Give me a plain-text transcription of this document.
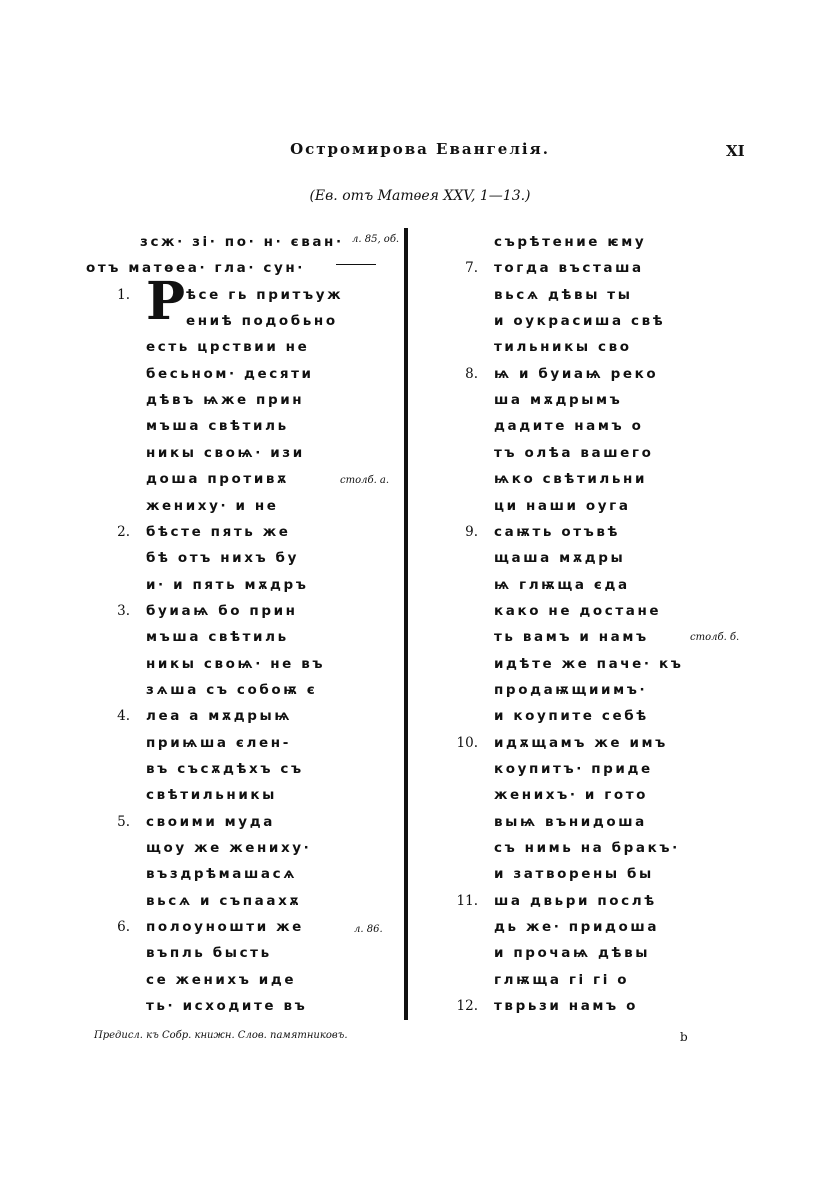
Остромирова Евангелія.	XI
(Ев. отъ Матѳея XXV, 1—13.)
зсж· зі· по· н· єван·
отъ матѳеа· гла· сун·
ѣсе гь притъуж
ениѣ подобьно
есть црствии не
бесьном· десяти
дѣвъ ѩже прин
мъша свѣтиль
никы своѩ· изи
доша противѫ
жениху· и не
бѣсте пять же
бѣ отъ нихъ бу
и· и пять мѫдръ
буиаѩ бо прин
мъша свѣтиль
никы своѩ· не въ
зѧша съ собоѭ є
леа а мѫдрыѩ
приѩша єлен-
въ съсѫдѣхъ съ
свѣтильникы
своими муда
щоу же жениху·
въздрѣмашасѧ
вьсѧ и съпаахѫ
полоуношти же
въпль бысть
се женихъ иде
ть· исходите въ
Р
1.
2.
3.
4.
5.
6.
сърѣтение ѥму
тогда въсташа
вьсѧ дѣвы ты
и оукрасиша свѣ
тильникы сво
ѩ и буиаѩ реко
ша мѫдрымъ
дадите намъ о
тъ олѣа вашего
ѩко свѣтильни
ци наши оуга
саѭть отъвѣ
щаша мѫдры
ѩ глѭща єда
како не достане
ть вамъ и намъ
идѣте же паче· къ
продаѭщиимъ·
и коупите себѣ
идѫщамъ же имъ
коупитъ· приде
женихъ· и гото
выѩ вънидоша
съ нимь на бракъ·
и затворены бы
ша двьри послѣ
дь же· придоша
и прочаѩ дѣвы
глѭща гі гі о
тврьзи намъ о
7.
8.
9.
10.
11.
12.
л. 85, об.
столб. а.
столб. б.
л. 86.
Предисл. къ Собр. книжн. Слов. памятниковъ.	b
